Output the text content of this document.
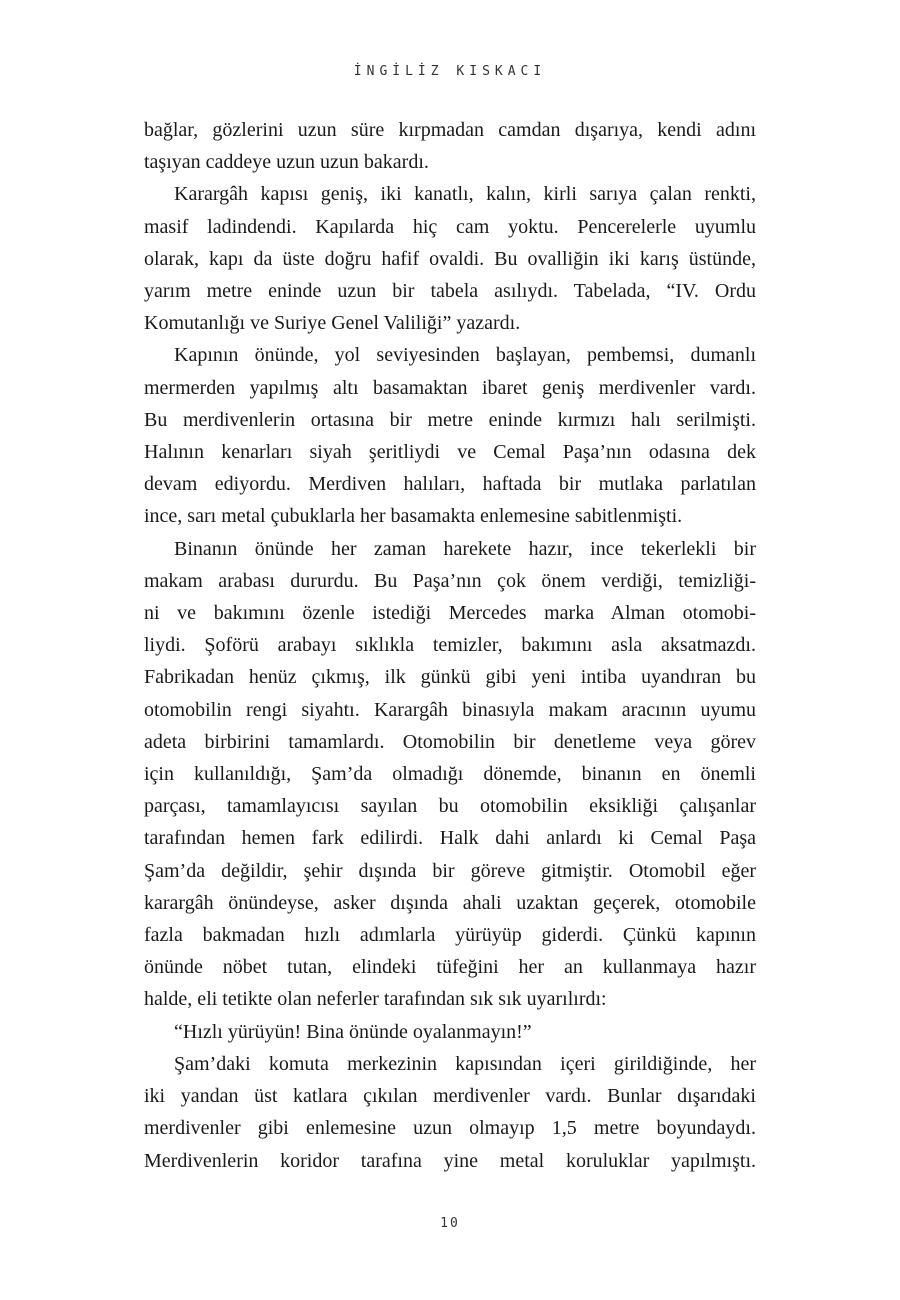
İNGİLİZ KISKACI

bağlar, gözlerini uzun süre kırpmadan camdan dışarıya, kendi adını
taşıyan caddeye uzun uzun bakardı.

Karargâh kapısı geniş, iki kanatlı, kalın, kirli sarıya çalan renkti,
masif ladindendi. Kapılarda hiç cam yoktu. Pencerelerle uyumlu
olarak, kapı da üste doğru hafif ovaldi. Bu ovalliğin iki karış üstünde,
yarım metre eninde uzun bir tabela asılıydı. Tabelada, “IV. Ordu
Komutanlığı ve Suriye Genel Valiliği” yazardı.

Kapının önünde, yol seviyesinden başlayan, pembemsi, dumanlı
mermerden yapılmış altı basamaktan ibaret geniş merdivenler vardı.
Bu merdivenlerin ortasına bir metre eninde kırmızı halı serilmişti.
Halının kenarları siyah şeritliydi ve Cemal Paşa’nın odasına dek
devam ediyordu. Merdiven halıları, haftada bir mutlaka parlatılan
ince, sarı metal çubuklarla her basamakta enlemesine sabitlenmişti.

Binanın önünde her zaman harekete hazır, ince tekerlekli bir
makam arabası dururdu. Bu Paşa’nın çok önem verdiği, temizliği-
ni ve bakımını özenle istediği Mercedes marka Alman otomobi-
liydi. Şoförü arabayı sıklıkla temizler, bakımını asla aksatmazdı.
Fabrikadan henüz çıkmış, ilk günkü gibi yeni intiba uyandıran bu
otomobilin rengi siyahtı. Karargâh binasıyla makam aracının uyumu
adeta birbirini tamamlardı. Otomobilin bir denetleme veya görev
için kullanıldığı, Şam’da olmadığı dönemde, binanın en önemli
parçası, tamamlayıcısı sayılan bu otomobilin eksikliği çalışanlar
tarafından hemen fark edilirdi. Halk dahi anlardı ki Cemal Paşa
Şam’da değildir, şehir dışında bir göreve gitmiştir. Otomobil eğer
karargâh önündeyse, asker dışında ahali uzaktan geçerek, otomobile
fazla bakmadan hızlı adımlarla yürüyüp giderdi. Çünkü kapının
önünde nöbet tutan, elindeki tüfeğini her an kullanmaya hazır
halde, eli tetikte olan neferler tarafından sık sık uyarılırdı:

“Hızlı yürüyün! Bina önünde oyalanmayın!”

Şam’daki komuta merkezinin kapısından içeri girildiğinde, her
iki yandan üst katlara çıkılan merdivenler vardı. Bunlar dışarıdaki
merdivenler gibi enlemesine uzun olmayıp 1,5 metre boyundaydı.
Merdivenlerin koridor tarafına yine metal koruluklar yapılmıştı.

10
